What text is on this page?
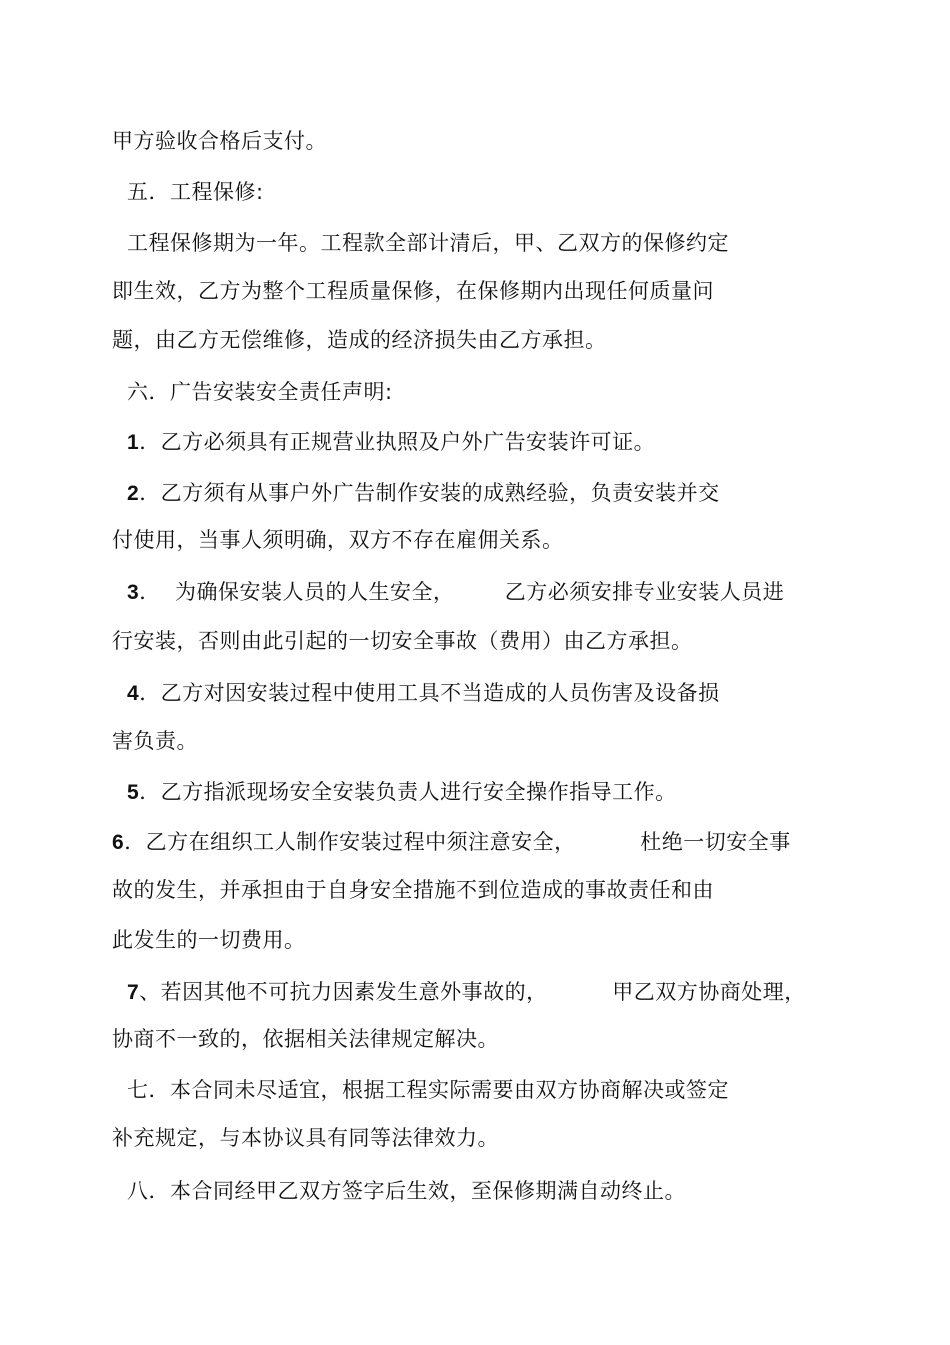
甲方验收合格后支付。
五．工程保修:
工程保修期为一年。工程款全部计清后，甲、乙双方的保修约定
即生效，乙方为整个工程质量保修，在保修期内出现任何质量问
题，由乙方无偿维修，造成的经济损失由乙方承担。
六．广告安装安全责任声明:
1．乙方必须具有正规营业执照及户外广告安装许可证。
2．乙方须有从事户外广告制作安装的成熟经验，负责安装并交
付使用，当事人须明确，双方不存在雇佣关系。
3．  为确保安装人员的人生安全，       乙方必须安排专业安装人员进
行安装，否则由此引起的一切安全事故（费用）由乙方承担。
4．乙方对因安装过程中使用工具不当造成的人员伤害及设备损
害负责。
5．乙方指派现场安全安装负责人进行安全操作指导工作。
6．乙方在组织工人制作安装过程中须注意安全，         杜绝一切安全事
故的发生，并承担由于自身安全措施不到位造成的事故责任和由
此发生的一切费用。
7、若因其他不可抗力因素发生意外事故的，         甲乙双方协商处理，
协商不一致的，依据相关法律规定解决。
七．本合同未尽适宜，根据工程实际需要由双方协商解决或签定
补充规定，与本协议具有同等法律效力。
八．本合同经甲乙双方签字后生效，至保修期满自动终止。
